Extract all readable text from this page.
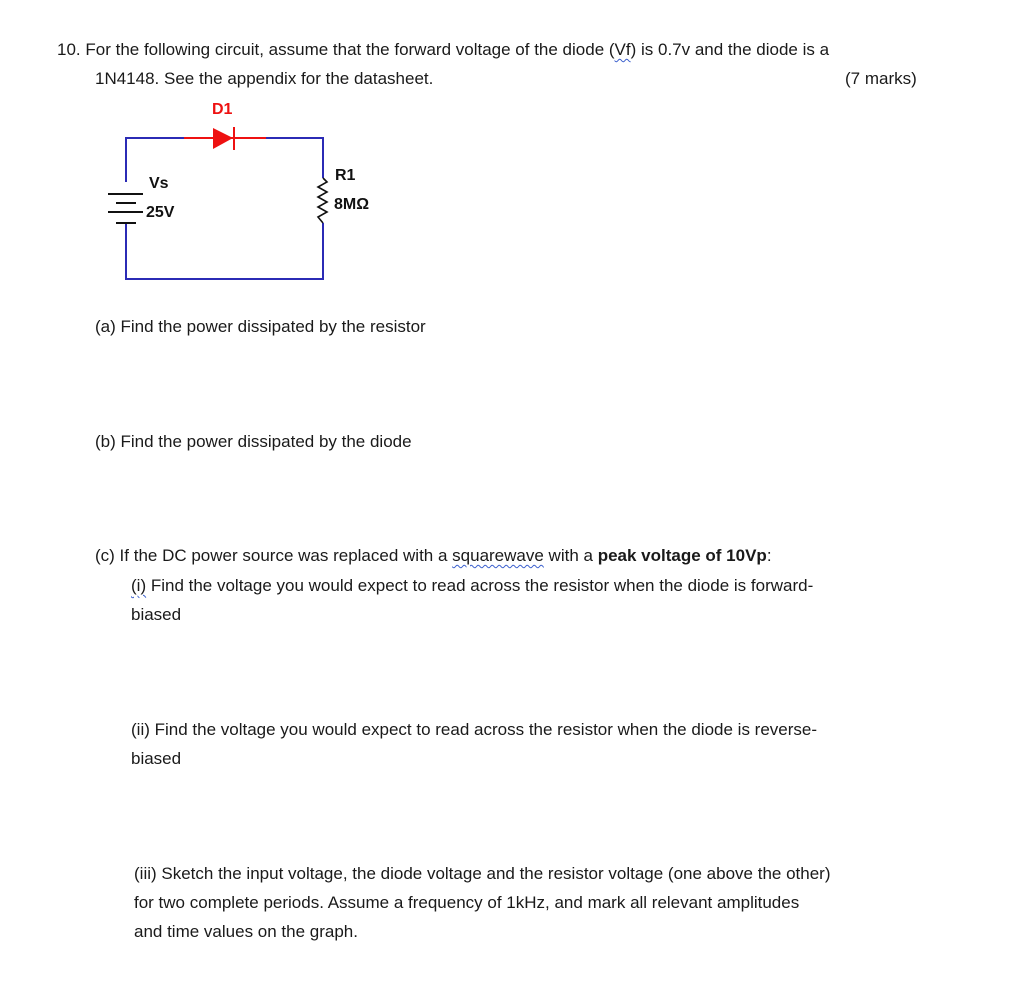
10. For the following circuit, assume that the forward voltage of the diode (Vf) is 0.7v and the diode is a
1N4148. See the appendix for the datasheet.	(7 marks)
D1
Vs
25V
R1
8MΩ
(a) Find the power dissipated by the resistor
(b) Find the power dissipated by the diode
(c) If the DC power source was replaced with a squarewave with a peak voltage of 10Vp:
(i) Find the voltage you would expect to read across the resistor when the diode is forward-
biased
(ii) Find the voltage you would expect to read across the resistor when the diode is reverse-
biased
(iii) Sketch the input voltage, the diode voltage and the resistor voltage (one above the other)
for two complete periods. Assume a frequency of 1kHz, and mark all relevant amplitudes
and time values on the graph.
